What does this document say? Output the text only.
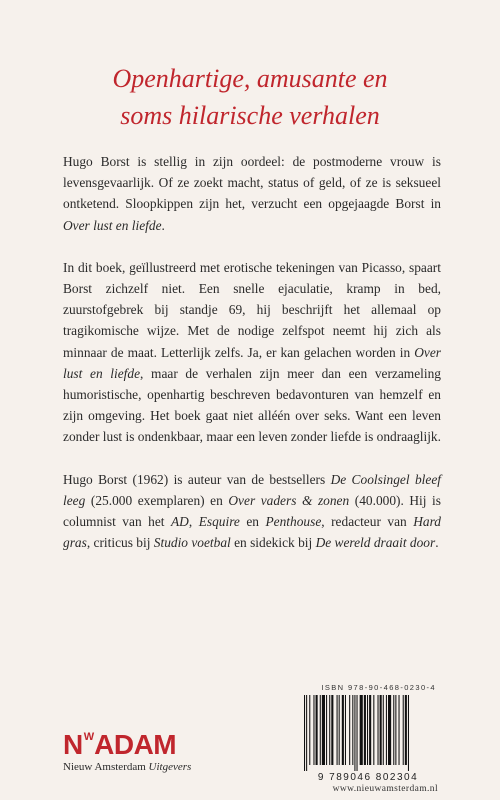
Openhartige, amusante en
soms hilarische verhalen

Hugo Borst is stellig in zijn oordeel: de postmoderne vrouw is levensgevaarlijk. Of ze zoekt macht, status of geld, of ze is seksueel ontketend. Sloopkippen zijn het, verzucht een opgejaagde Borst in Over lust en liefde.

In dit boek, geïllustreerd met erotische tekeningen van Picasso, spaart Borst zichzelf niet. Een snelle ejaculatie, kramp in bed, zuurstofgebrek bij standje 69, hij beschrijft het allemaal op tragikomische wijze. Met de nodige zelfspot neemt hij zich als minnaar de maat. Letterlijk zelfs. Ja, er kan gelachen worden in Over lust en liefde, maar de verhalen zijn meer dan een verzameling humoristische, openhartig beschreven bedavonturen van hemzelf en zijn omgeving. Het boek gaat niet alléén over seks. Want een leven zonder lust is ondenkbaar, maar een leven zonder liefde is ondraaglijk.

Hugo Borst (1962) is auteur van de bestsellers De Coolsingel bleef leeg (25.000 exemplaren) en Over vaders & zonen (40.000). Hij is columnist van het AD, Esquire en Penthouse, redacteur van Hard gras, criticus bij Studio voetbal en sidekick bij De wereld draait door.

N W ADAM
Nieuw Amsterdam Uitgevers
ISBN 978-90-468-0230-4
9 789046 802304
www.nieuwamsterdam.nl
